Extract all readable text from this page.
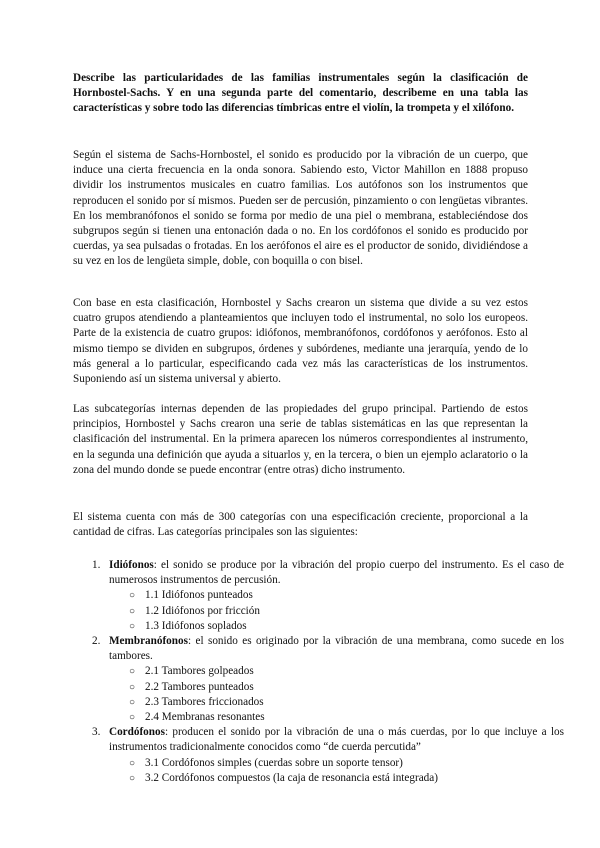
Describe las particularidades de las familias instrumentales según la clasificación de Hornbostel-Sachs. Y en una segunda parte del comentario, describeme en una tabla las características y sobre todo las diferencias tímbricas entre el violín, la trompeta y el xilófono.

Según el sistema de Sachs-Hornbostel, el sonido es producido por la vibración de un cuerpo, que induce una cierta frecuencia en la onda sonora. Sabiendo esto, Victor Mahillon en 1888 propuso dividir los instrumentos musicales en cuatro familias. Los autófonos son los instrumentos que reproducen el sonido por sí mismos. Pueden ser de percusión, pinzamiento o con lengüetas vibrantes. En los membranófonos el sonido se forma por medio de una piel o membrana, estableciéndose dos subgrupos según si tienen una entonación dada o no. En los cordófonos el sonido es producido por cuerdas, ya sea pulsadas o frotadas. En los aerófonos el aire es el productor de sonido, dividiéndose a su vez en los de lengüeta simple, doble, con boquilla o con bisel.

Con base en esta clasificación, Hornbostel y Sachs crearon un sistema que divide a su vez estos cuatro grupos atendiendo a planteamientos que incluyen todo el instrumental, no solo los europeos. Parte de la existencia de cuatro grupos: idiófonos, membranófonos, cordófonos y aerófonos. Esto al mismo tiempo se dividen en subgrupos, órdenes y subórdenes, mediante una jerarquía, yendo de lo más general a lo particular, especificando cada vez más las características de los instrumentos. Suponiendo así un sistema universal y abierto.

Las subcategorías internas dependen de las propiedades del grupo principal. Partiendo de estos principios, Hornbostel y Sachs crearon una serie de tablas sistemáticas en las que representan la clasificación del instrumental. En la primera aparecen los números correspondientes al instrumento, en la segunda una definición que ayuda a situarlos y, en la tercera, o bien un ejemplo aclaratorio o la zona del mundo donde se puede encontrar (entre otras) dicho instrumento.

El sistema cuenta con más de 300 categorías con una especificación creciente, proporcional a la cantidad de cifras. Las categorías principales son las siguientes:

1. Idiófonos: el sonido se produce por la vibración del propio cuerpo del instrumento. Es el caso de numerosos instrumentos de percusión.
○ 1.1 Idiófonos punteados
○ 1.2 Idiófonos por fricción
○ 1.3 Idiófonos soplados
2. Membranófonos: el sonido es originado por la vibración de una membrana, como sucede en los tambores.
○ 2.1 Tambores golpeados
○ 2.2 Tambores punteados
○ 2.3 Tambores friccionados
○ 2.4 Membranas resonantes
3. Cordófonos: producen el sonido por la vibración de una o más cuerdas, por lo que incluye a los instrumentos tradicionalmente conocidos como “de cuerda percutida”
○ 3.1 Cordófonos simples (cuerdas sobre un soporte tensor)
○ 3.2 Cordófonos compuestos (la caja de resonancia está integrada)
